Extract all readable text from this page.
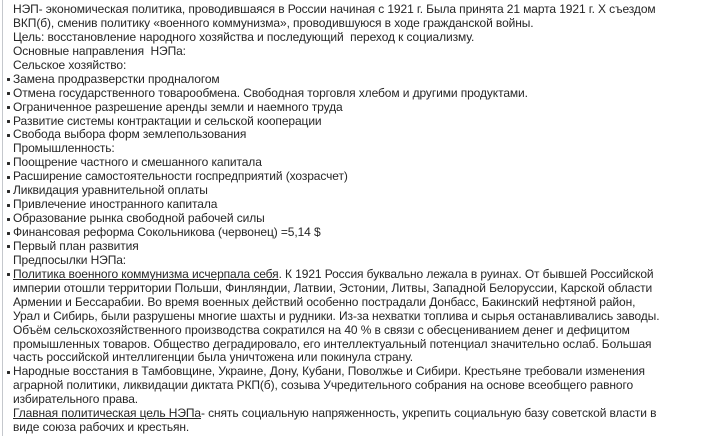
НЭП- экономическая политика, проводившаяся в России начиная с 1921 г. Была принята 21 марта 1921 г. Х съездом
ВКП(б), сменив политику «военного коммунизма», проводившуюся в ходе гражданской войны.
Цель: восстановление народного хозяйства и последующий  переход к социализму.
Основные направления  НЭПа:
Сельское хозяйство:
Замена продразверстки продналогом
Отмена государственного товарообмена. Свободная торговля хлебом и другими продуктами.
Ограниченное разрешение аренды земли и наемного труда
Развитие системы контрактации и сельской кооперации
Свобода выбора форм землепользования
Промышленность:
Поощрение частного и смешанного капитала
Расширение самостоятельности госпредприятий (хозрасчет)
Ликвидация уравнительной оплаты
Привлечение иностранного капитала
Образование рынка свободной рабочей силы
Финансовая реформа Сокольникова (червонец) =5,14 $
Первый план развития
Предпосылки НЭПа:
Политика военного коммунизма исчерпала себя. К 1921 Россия буквально лежала в руинах. От бывшей Российской
империи отошли территории Польши, Финляндии, Латвии, Эстонии, Литвы, Западной Белоруссии, Карской области
Армении и Бессарабии. Во время военных действий особенно пострадали Донбасс, Бакинский нефтяной район,
Урал и Сибирь, были разрушены многие шахты и рудники. Из-за нехватки топлива и сырья останавливались заводы.
Объём сельскохозяйственного производства сократился на 40 % в связи с обесцениванием денег и дефицитом
промышленных товаров. Общество деградировало, его интеллектуальный потенциал значительно ослаб. Большая
часть российской интеллигенции была уничтожена или покинула страну.
Народные восстания в Тамбовщине, Украине, Дону, Кубани, Поволжье и Сибири. Крестьяне требовали изменения
аграрной политики, ликвидации диктата РКП(б), созыва Учредительного собрания на основе всеобщего равного
избирательного права.
Главная политическая цель НЭПа- снять социальную напряженность, укрепить социальную базу советской власти в
виде союза рабочих и крестьян.
